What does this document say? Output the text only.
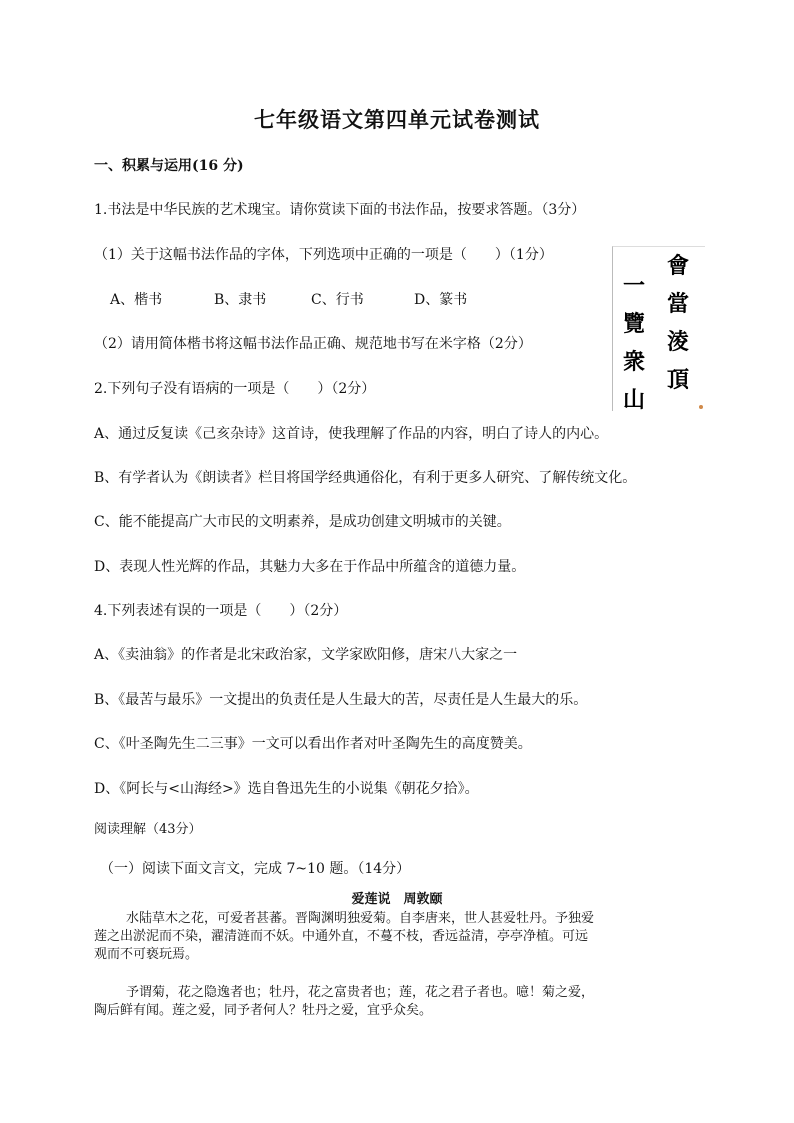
七年级语文第四单元试卷测试
一、积累与运用(16 分)
1.书法是中华民族的艺术瑰宝。请你赏读下面的书法作品，按要求答题。（3分）
（1）关于这幅书法作品的字体，下列选项中正确的一项是（　　）（1分）
A、楷书	B、隶书	C、行书	D、篆书
（2）请用简体楷书将这幅书法作品正确、规范地书写在米字格（2分）
會
當
淩
頂
一
覽
衆
山
2.下列句子没有语病的一项是（　　）（2分）
A、通过反复读《己亥杂诗》这首诗，使我理解了作品的内容，明白了诗人的内心。
B、有学者认为《朗读者》栏目将国学经典通俗化，有利于更多人研究、了解传统文化。
C、能不能提高广大市民的文明素养，是成功创建文明城市的关键。
D、表现人性光辉的作品，其魅力大多在于作品中所蕴含的道德力量。
4.下列表述有误的一项是（　　）（2分）
A、《卖油翁》的作者是北宋政治家，文学家欧阳修，唐宋八大家之一
B、《最苦与最乐》一文提出的负责任是人生最大的苦，尽责任是人生最大的乐。
C、《叶圣陶先生二三事》一文可以看出作者对叶圣陶先生的高度赞美。
D、《阿长与<山海经>》选自鲁迅先生的小说集《朝花夕拾》。
阅读理解（43分）
（一）阅读下面文言文，完成 7~10 题。（14分）
爱莲说　周敦颐
水陆草木之花，可爱者甚蕃。晋陶渊明独爱菊。自李唐来，世人甚爱牡丹。予独爱
莲之出淤泥而不染，濯清涟而不妖。中通外直，不蔓不枝，香远益清，亭亭净植。可远
观而不可亵玩焉。
予谓菊，花之隐逸者也；牡丹，花之富贵者也；莲，花之君子者也。噫！菊之爱，
陶后鲜有闻。莲之爱，同予者何人？牡丹之爱，宜乎众矣。
